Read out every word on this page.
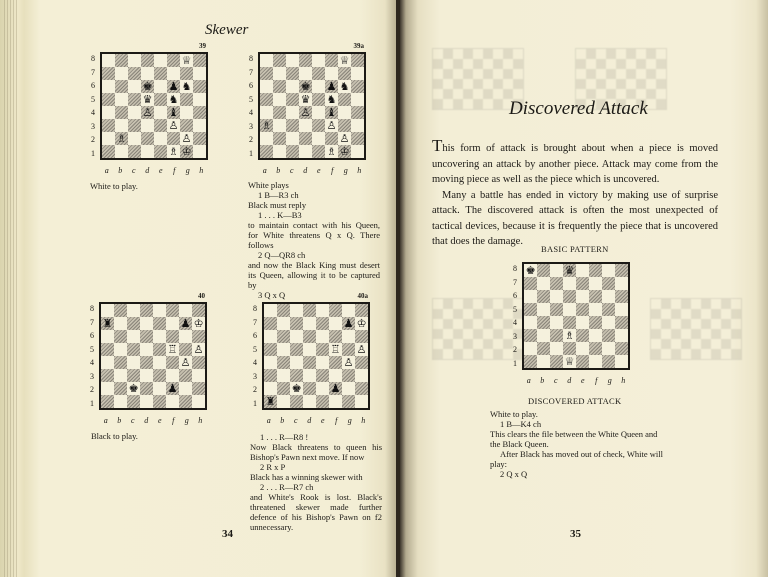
Skewer
39
♕
♚ ♟ ♞
♛ ♞
♙ ♝
♙
♗	♙
♗ ♔
8
7
6
5
4
3
2
1
a	b	c	d	e	f	g	h

White to play.

39a
♕
♚ ♟ ♞
♛ ♞
♙ ♝
♗	♙
♙
♗ ♔
8
7
6
5
4
3
2
1
a	b	c	d	e	f	g	h

White plays

1 B—R3 ch

Black must reply

1 . . . K—B3

to maintain contact with his Queen, for White threatens Q x Q. There follows

2 Q—QR8 ch

and now the Black King must desert its Queen, allowing it to be captured by

3 Q x Q

40
♜	♟ ♔
♖ ♙
♙
♚	♟
8
7
6
5
4
3
2
1
a	b	c	d	e	f	g	h

Black to play.

40a
♟ ♔
♖ ♙
♙
♚	♟
♜
8
7
6
5
4
3
2
1
a	b	c	d	e	f	g	h

1 . . . R—R8 !

Now Black threatens to queen his Bishop's Pawn next move. If now

2 R x P

Black has a winning skewer with

2 . . . R—R7 ch

and White's Rook is lost. Black's threatened skewer made further defence of his Bishop's Pawn on f2 unnecessary.

34
Discovered Attack

This form of attack is brought about when a piece is moved uncovering an attack by another piece. Attack may come from the moving piece as well as the piece which is uncovered.

Many a battle has ended in victory by making use of surprise attack. The discovered attack is often the most unexpected of tactical devices, because it is frequently the piece that is uncovered that does the damage.

BASIC PATTERN
♚	♛
♗
♕
8
7
6
5
4
3
2
1
a	b	c	d	e	f	g	h
DISCOVERED ATTACK

White to play.

1 B—K4 ch

This clears the file between the White Queen and the Black Queen.

After Black has moved out of check, White will play:

2 Q x Q

35
